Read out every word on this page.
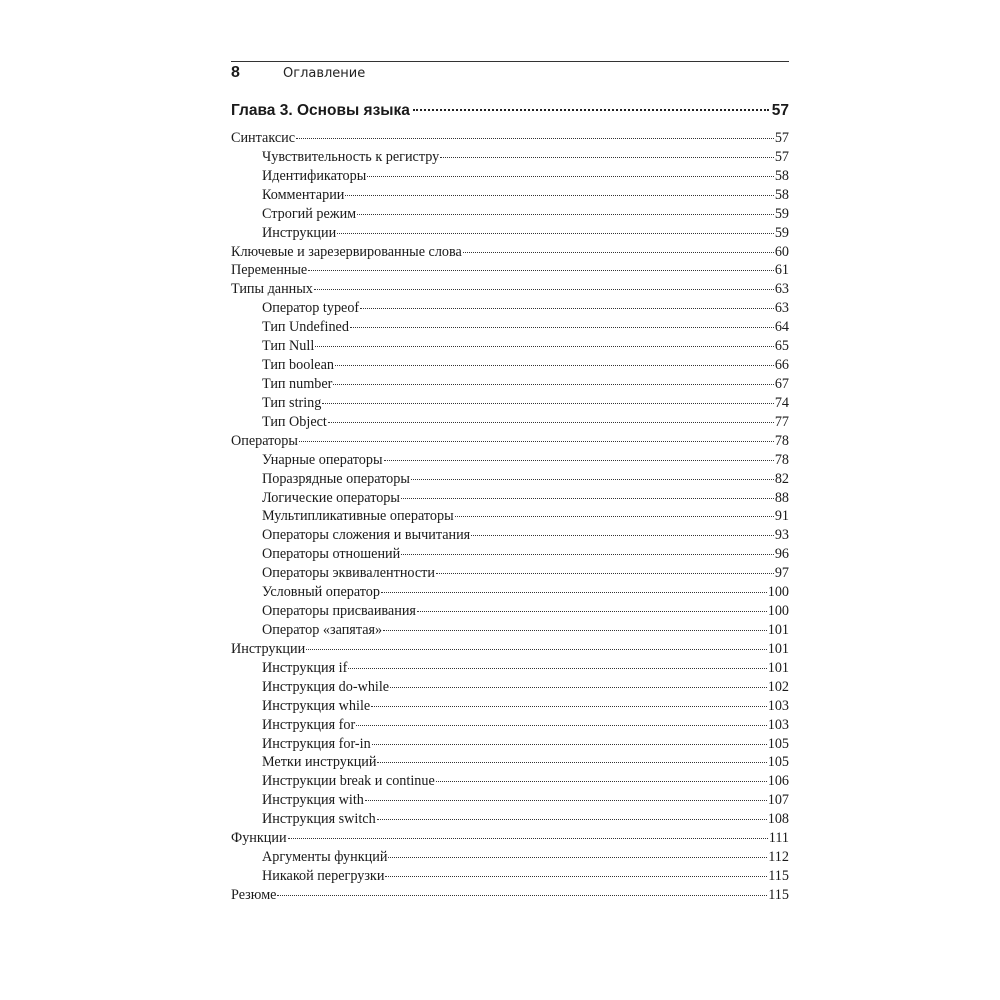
8	Оглавление
Глава 3. Основы языка	57
Синтаксис	57
Чувствительность к регистру	57
Идентификаторы	58
Комментарии	58
Строгий режим	59
Инструкции	59
Ключевые и зарезервированные слова	60
Переменные	61
Типы данных	63
Оператор typeof	63
Тип Undefined	64
Тип Null	65
Тип boolean	66
Тип number	67
Тип string	74
Тип Object	77
Операторы	78
Унарные операторы	78
Поразрядные операторы	82
Логические операторы	88
Мультипликативные операторы	91
Операторы сложения и вычитания	93
Операторы отношений	96
Операторы эквивалентности	97
Условный оператор	100
Операторы присваивания	100
Оператор «запятая»	101
Инструкции	101
Инструкция if	101
Инструкция do-while	102
Инструкция while	103
Инструкция for	103
Инструкция for-in	105
Метки инструкций	105
Инструкции break и continue	106
Инструкция with	107
Инструкция switch	108
Функции	111
Аргументы функций	112
Никакой перегрузки	115
Резюме	115
